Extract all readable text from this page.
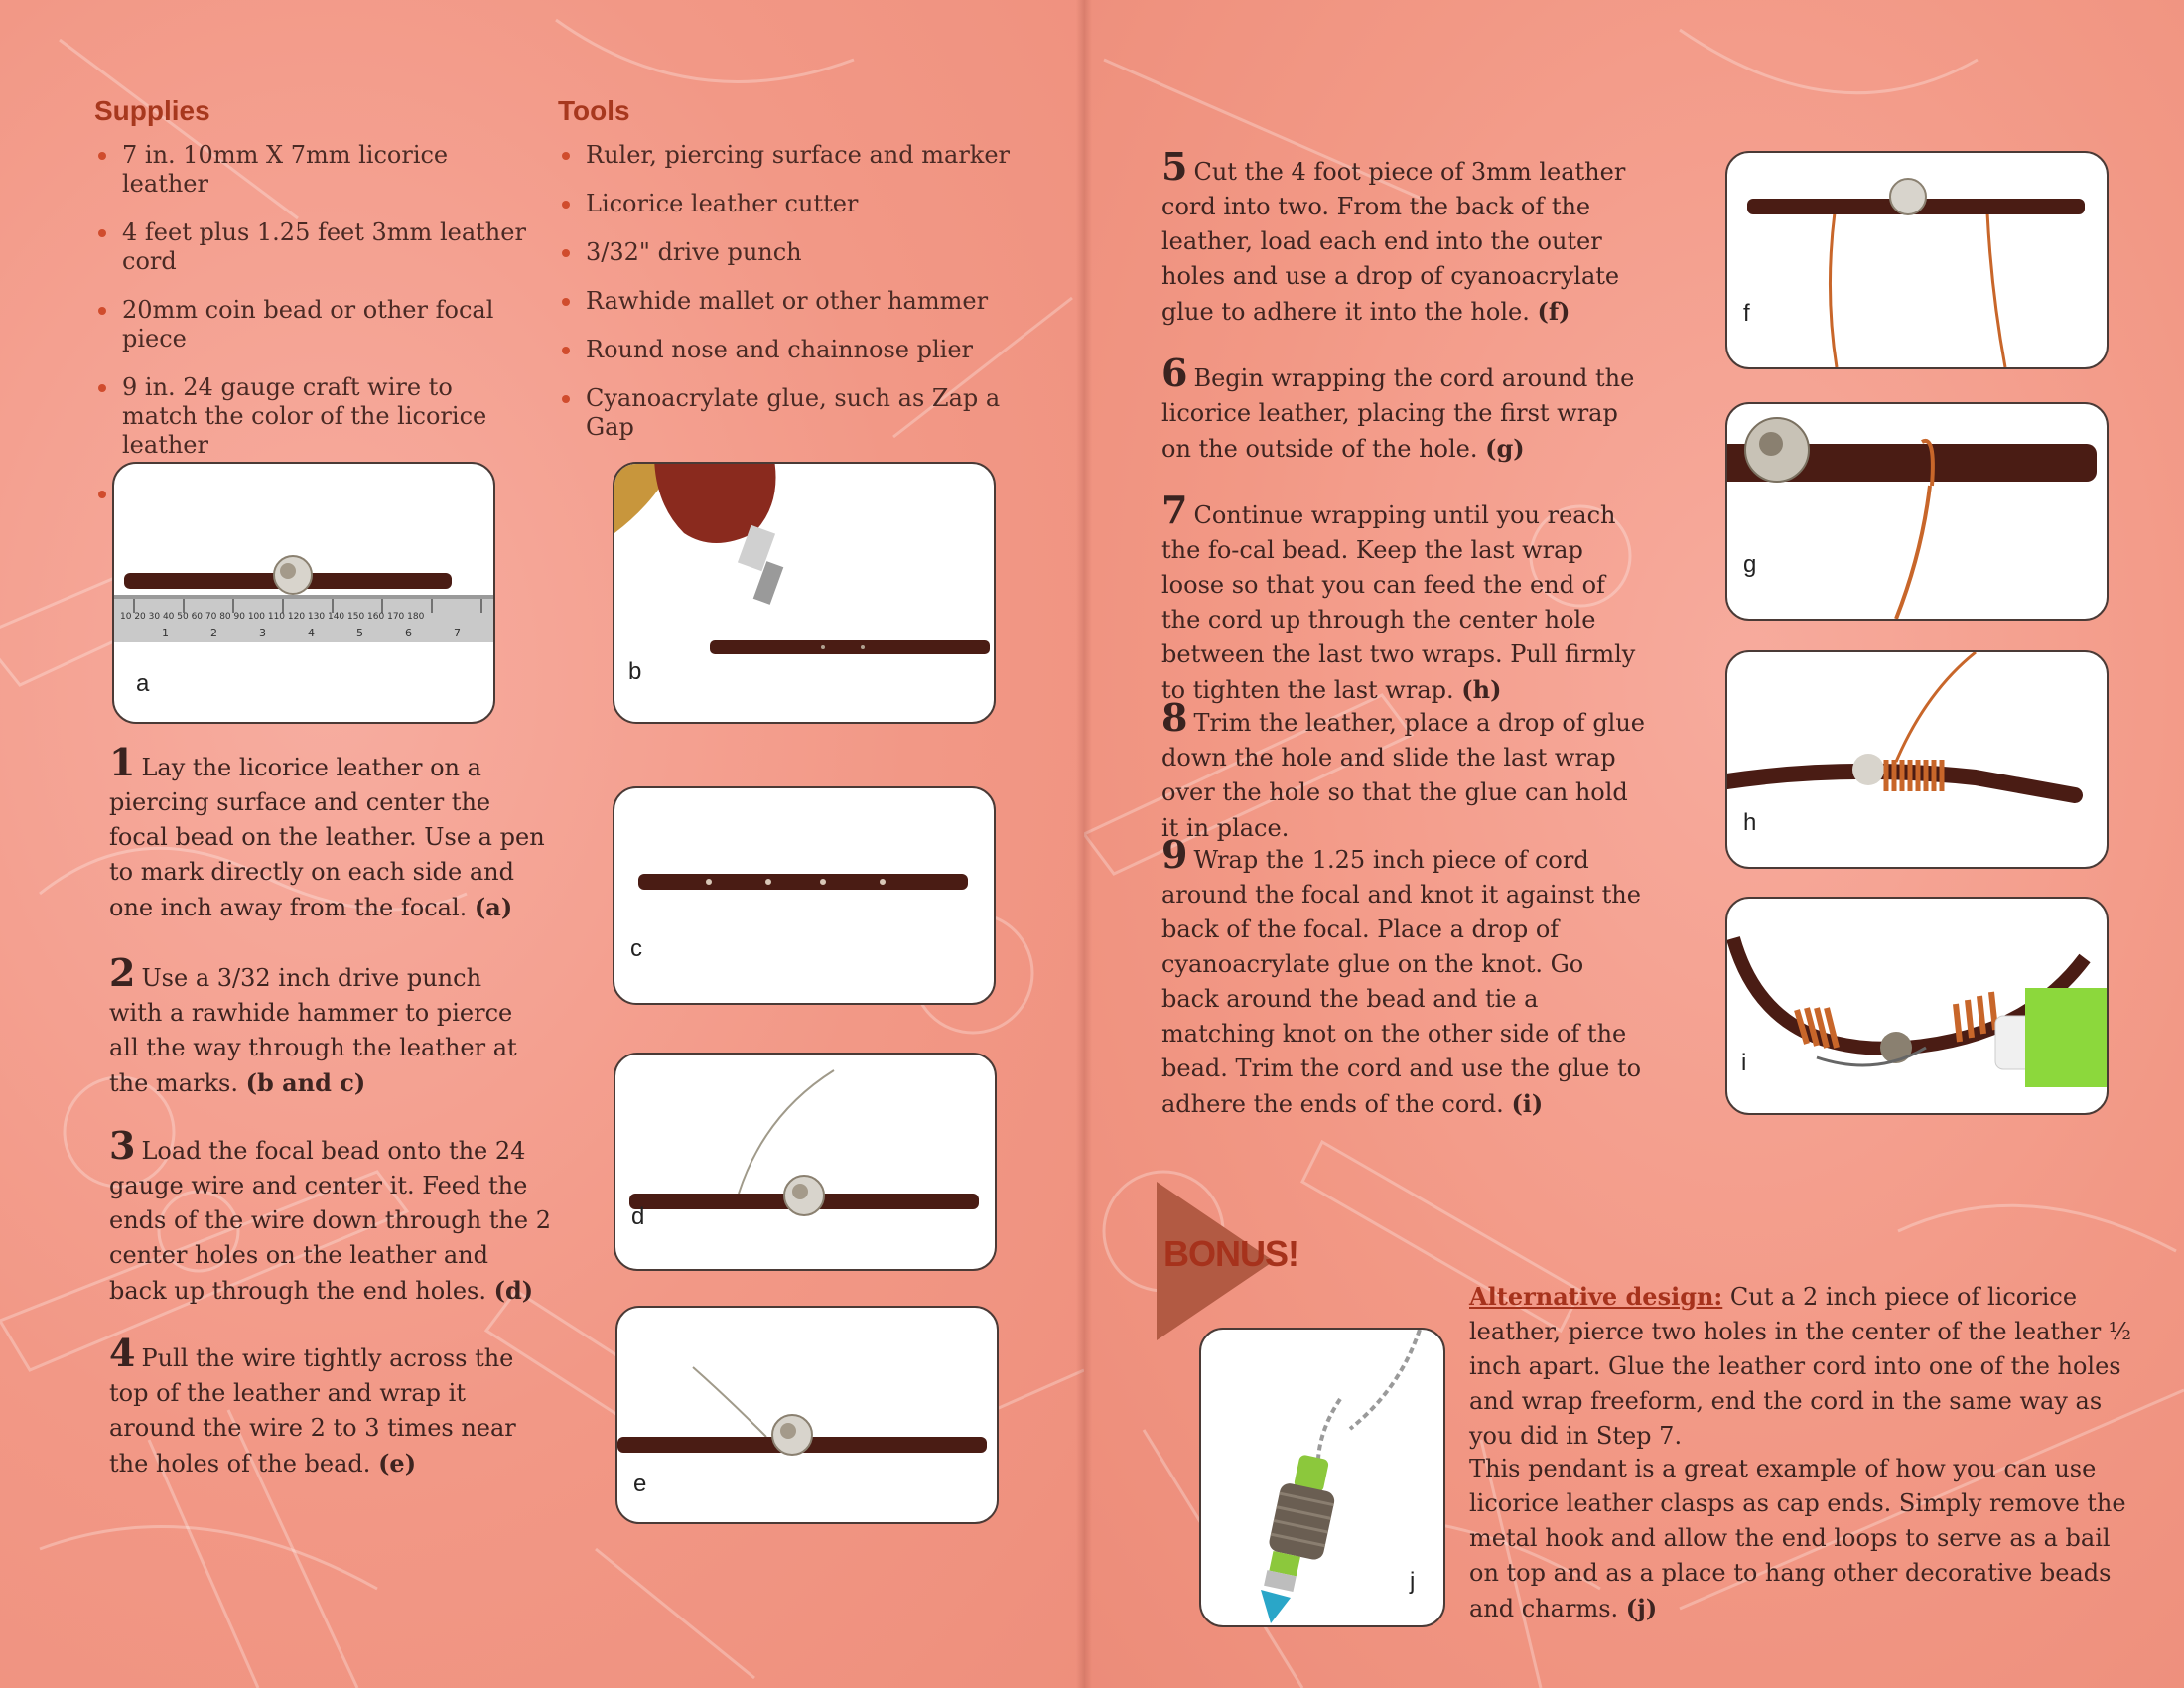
Supplies
7 in. 10mm X 7mm licorice leather
4 feet plus 1.25 feet 3mm leather cord
20mm coin bead or other focal piece
9 in. 24 gauge craft wire to match the color of the licorice leather
Tools
Ruler, piercing surface and marker
Licorice leather cutter
3/32" drive punch
Rawhide mallet or other hammer
Round nose and chainnose plier
Cyanoacrylate glue, such as Zap a Gap
10 20 30 40 50 60 70 80 90 100 110 120 130 140 150 160 170 180
1	2	3	4	5	6	7
a	b
c
d
e

1 Lay the licorice leather on a piercing surface and center the focal bead on the leather. Use a pen to mark directly on each side and one inch away from the focal. (a)

2 Use a 3/32 inch drive punch with a rawhide hammer to pierce all the way through the leather at the marks. (b and c)

3 Load the focal bead onto the 24 gauge wire and center it. Feed the ends of the wire down through the 2 center holes on the leather and back up through the end holes. (d)

4 Pull the wire tightly across the top of the leather and wrap it around the wire 2 to 3 times near the holes of the bead. (e)

f
g
h
i

5 Cut the 4 foot piece of 3mm leather cord into two. From the back of the leather, load each end into the outer holes and use a drop of cyanoacrylate glue to adhere it into the hole. (f)

6 Begin wrapping the cord around the licorice leather, placing the first wrap on the outside of the hole. (g)

7 Continue wrapping until you reach the fo-cal bead. Keep the last wrap loose so that you can feed the end of the cord up through the center hole between the last two wraps. Pull firmly to tighten the last wrap. (h)

8 Trim the leather, place a drop of glue down the hole and slide the last wrap over the hole so that the glue can hold it in place.

9 Wrap the 1.25 inch piece of cord around the focal and knot it against the back of the focal. Place a drop of cyanoacrylate glue on the knot. Go back around the bead and tie a matching knot on the other side of the bead. Trim the cord and use the glue to adhere the ends of the cord. (i)

BONUS!
j

Alternative design: Cut a 2 inch piece of licorice leather, pierce two holes in the center of the leather ½ inch apart. Glue the leather cord into one of the holes and wrap freeform, end the cord in the same way as you did in Step 7.

This pendant is a great example of how you can use licorice leather clasps as cap ends. Simply remove the metal hook and allow the end loops to serve as a bail on top and as a place to hang other decorative beads and charms. (j)
